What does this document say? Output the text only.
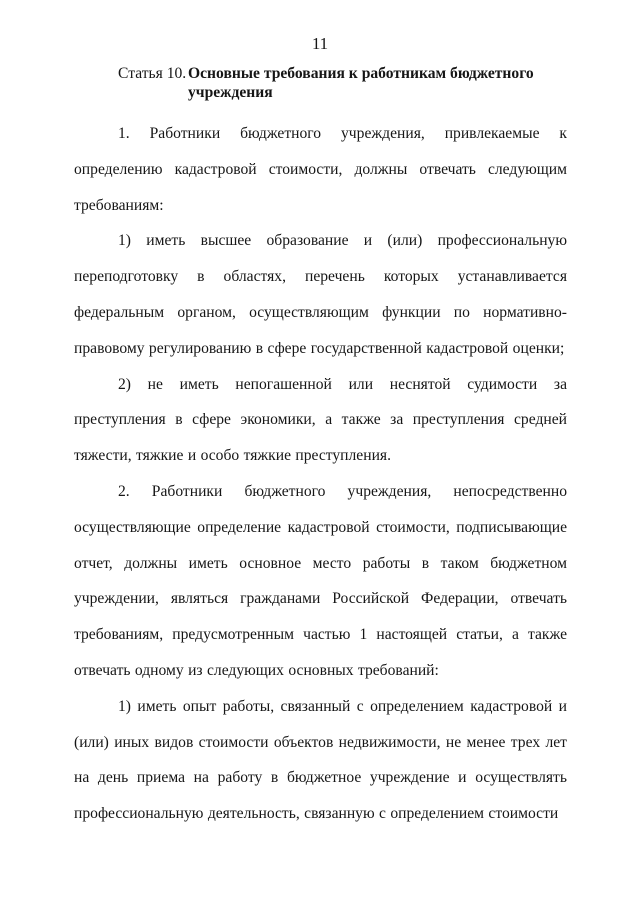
11
Статья 10. Основные требования к работникам бюджетного учреждения

1. Работники бюджетного учреждения, привлекаемые к определению кадастровой стоимости, должны отвечать следующим требованиям:

1) иметь высшее образование и (или) профессиональную переподготовку в областях, перечень которых устанавливается федеральным органом, осуществляющим функции по нормативно-правовому регулированию в сфере государственной кадастровой оценки;

2) не иметь непогашенной или неснятой судимости за преступления в сфере экономики, а также за преступления средней тяжести, тяжкие и особо тяжкие преступления.

2. Работники бюджетного учреждения, непосредственно осуществляющие определение кадастровой стоимости, подписывающие отчет, должны иметь основное место работы в таком бюджетном учреждении, являться гражданами Российской Федерации, отвечать требованиям, предусмотренным частью 1 настоящей статьи, а также отвечать одному из следующих основных требований:

1) иметь опыт работы, связанный с определением кадастровой и (или) иных видов стоимости объектов недвижимости, не менее трех лет на день приема на работу в бюджетное учреждение и осуществлять профессиональную деятельность, связанную с определением стоимости
